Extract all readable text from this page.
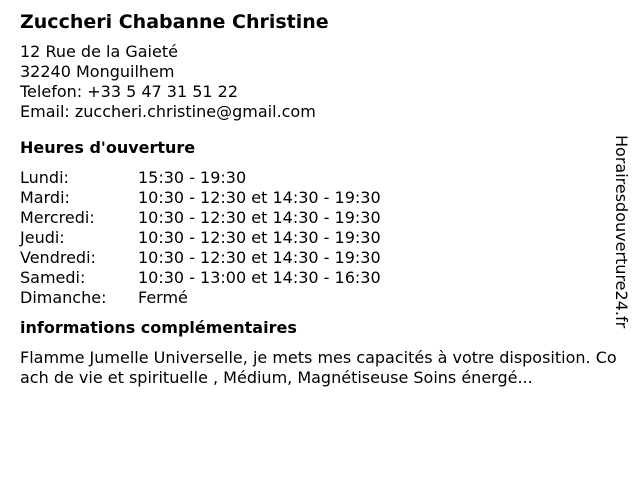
Zuccheri Chabanne Christine
12 Rue de la Gaieté
32240 Monguilhem
Telefon: +33 5 47 31 51 22
Email: zuccheri.christine@gmail.com
Heures d'ouverture
Lundi:	15:30 - 19:30
Mardi:	10:30 - 12:30 et 14:30 - 19:30
Mercredi:	10:30 - 12:30 et 14:30 - 19:30
Jeudi:	10:30 - 12:30 et 14:30 - 19:30
Vendredi:	10:30 - 12:30 et 14:30 - 19:30
Samedi:	10:30 - 13:00 et 14:30 - 16:30
Dimanche:	Fermé
informations complémentaires
Flamme Jumelle Universelle, je mets mes capacités à votre disposition. Coach de vie et spirituelle , Médium, Magnétiseuse Soins énergé...
Horairesdouverture24.fr
